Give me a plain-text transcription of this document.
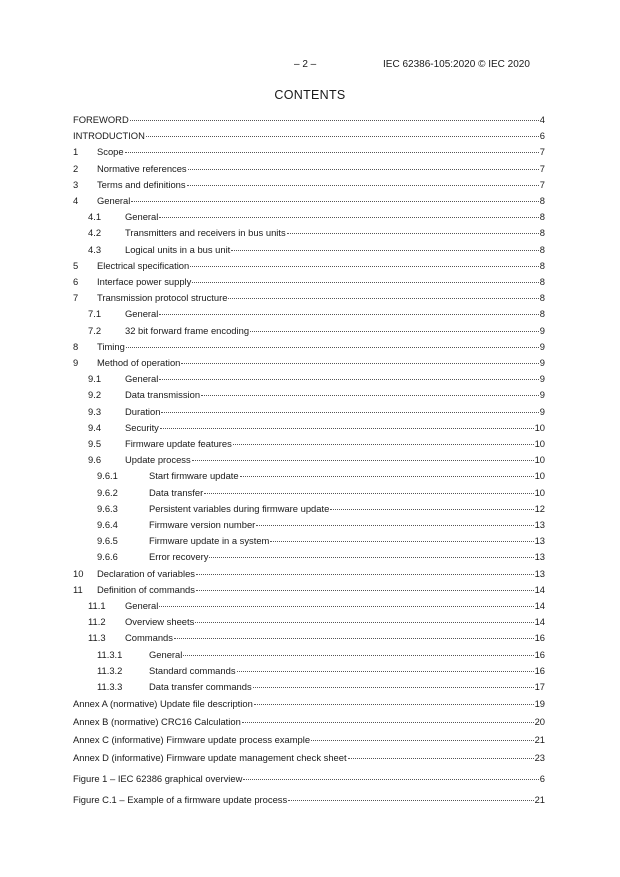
– 2 –	IEC 62386-105:2020 © IEC 2020
CONTENTS
FOREWORD	4
INTRODUCTION	6
1	Scope	7
2	Normative references	7
3	Terms and definitions	7
4	General	8
4.1	General	8
4.2	Transmitters and receivers in bus units	8
4.3	Logical units in a bus unit	8
5	Electrical specification	8
6	Interface power supply	8
7	Transmission protocol structure	8
7.1	General	8
7.2	32 bit forward frame encoding	9
8	Timing	9
9	Method of operation	9
9.1	General	9
9.2	Data transmission	9
9.3	Duration	9
9.4	Security	10
9.5	Firmware update features	10
9.6	Update process	10
9.6.1	Start firmware update	10
9.6.2	Data transfer	10
9.6.3	Persistent variables during firmware update	12
9.6.4	Firmware version number	13
9.6.5	Firmware update in a system	13
9.6.6	Error recovery	13
10	Declaration of variables	13
11	Definition of commands	14
11.1	General	14
11.2	Overview sheets	14
11.3	Commands	16
11.3.1	General	16
11.3.2	Standard commands	16
11.3.3	Data transfer commands	17
Annex A (normative) Update file description	19
Annex B (normative) CRC16 Calculation	20
Annex C (informative) Firmware update process example	21
Annex D (informative) Firmware update management check sheet	23
Figure 1 – IEC 62386 graphical overview	6
Figure C.1 – Example of a firmware update process	21
